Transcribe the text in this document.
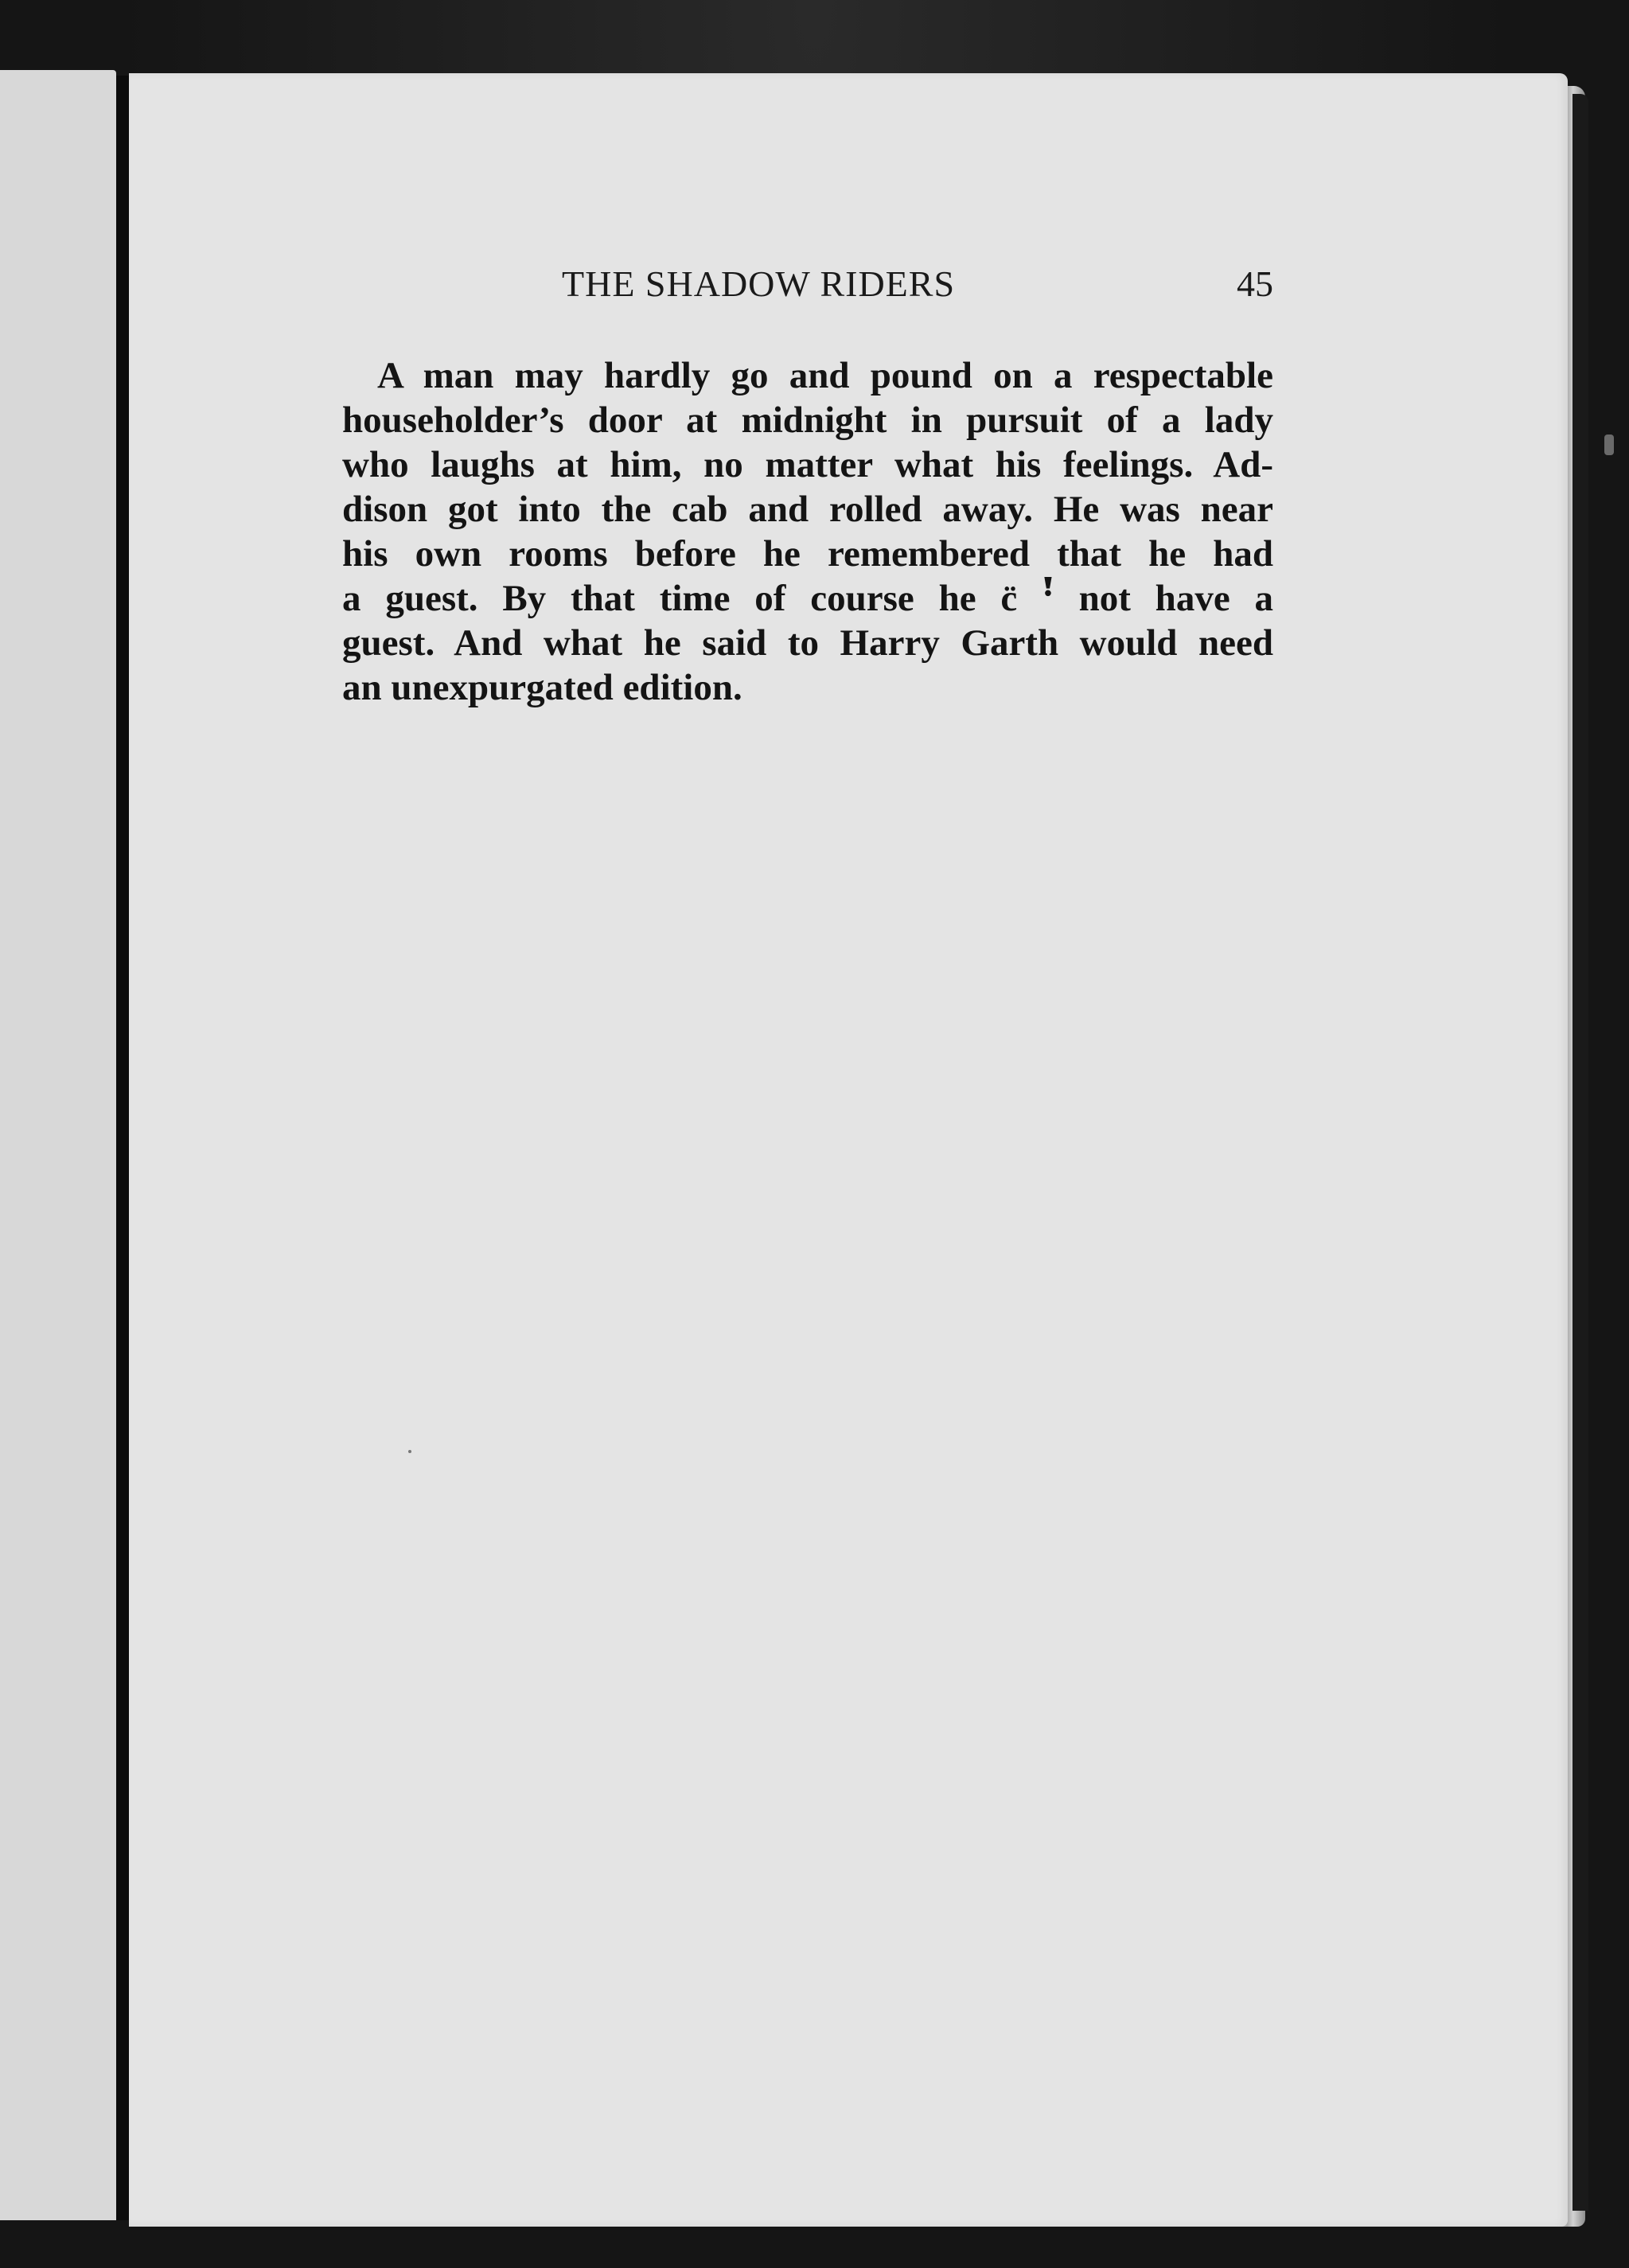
THE SHADOW RIDERS	45
A man may hardly go and pound on a respectable
householder’s door at midnight in pursuit of a lady
who laughs at him, no matter what his feelings. Ad-
dison got into the cab and rolled away. He was near
his own rooms before he remembered that he had
a guest. By that time of course he c̈ ꜝ not have a
guest. And what he said to Harry Garth would need
an unexpurgated edition.
